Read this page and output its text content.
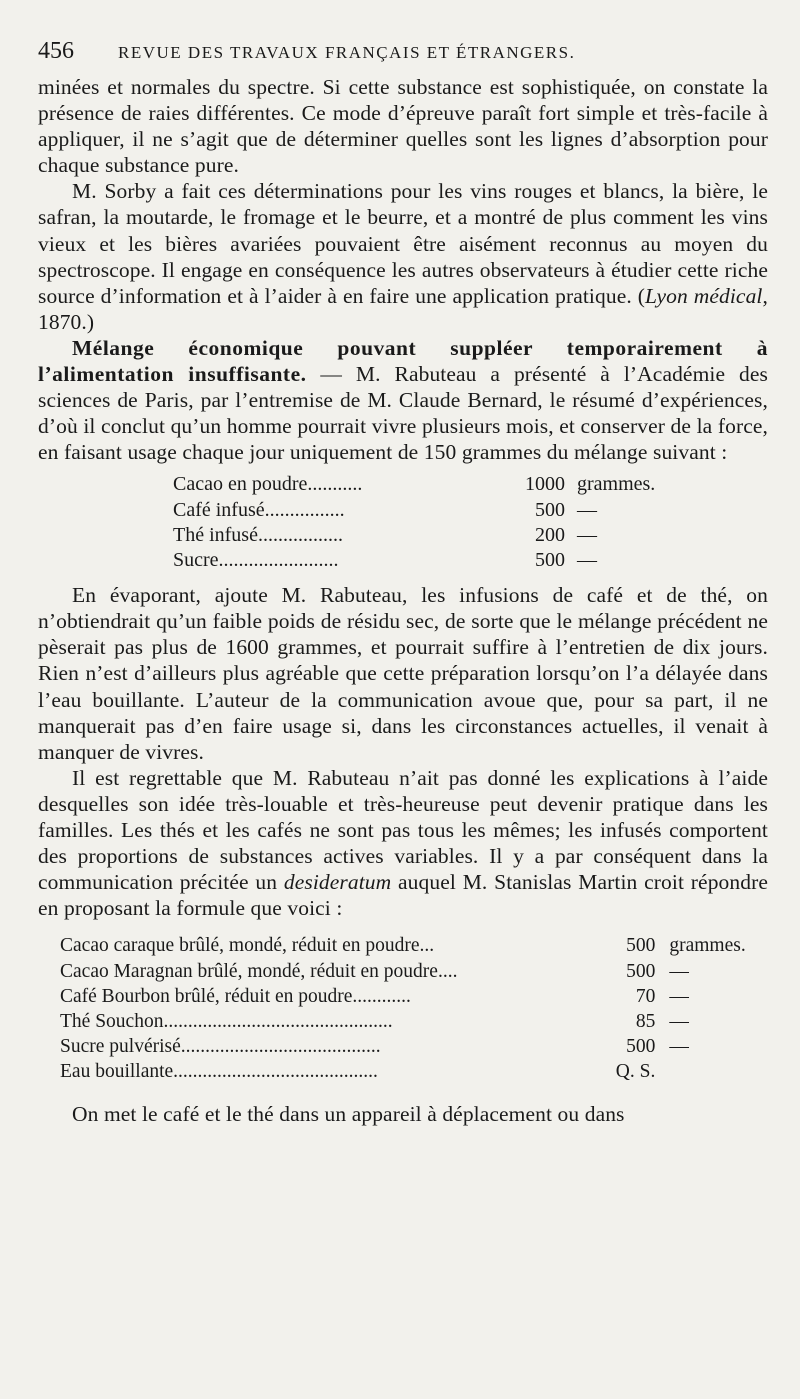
456	REVUE DES TRAVAUX FRANÇAIS ET ÉTRANGERS.

minées et normales du spectre. Si cette substance est sophistiquée, on constate la présence de raies différentes. Ce mode d’épreuve paraît fort simple et très-facile à appliquer, il ne s’agit que de déterminer quelles sont les lignes d’absorption pour chaque substance pure.

M. Sorby a fait ces déterminations pour les vins rouges et blancs, la bière, le safran, la moutarde, le fromage et le beurre, et a montré de plus comment les vins vieux et les bières avariées pouvaient être aisément reconnus au moyen du spectroscope. Il engage en conséquence les autres observateurs à étudier cette riche source d’information et à l’aider à en faire une application pratique. (Lyon médical, 1870.)

Mélange économique pouvant suppléer temporairement à l’alimentation insuffisante. — M. Rabuteau a présenté à l’Académie des sciences de Paris, par l’entremise de M. Claude Bernard, le résumé d’expériences, d’où il conclut qu’un homme pourrait vivre plusieurs mois, et conserver de la force, en faisant usage chaque jour uniquement de 150 grammes du mélange suivant :

Cacao en poudre...........	1000	grammes.
Café infusé................	500	—
Thé infusé.................	200	—
Sucre........................	500	—

En évaporant, ajoute M. Rabuteau, les infusions de café et de thé, on n’obtiendrait qu’un faible poids de résidu sec, de sorte que le mélange précédent ne pèserait pas plus de 1600 grammes, et pourrait suffire à l’entretien de dix jours. Rien n’est d’ailleurs plus agréable que cette préparation lorsqu’on l’a délayée dans l’eau bouillante. L’auteur de la communication avoue que, pour sa part, il ne manquerait pas d’en faire usage si, dans les circonstances actuelles, il venait à manquer de vivres.

Il est regrettable que M. Rabuteau n’ait pas donné les explications à l’aide desquelles son idée très-louable et très-heureuse peut devenir pratique dans les familles. Les thés et les cafés ne sont pas tous les mêmes; les infusés comportent des proportions de substances actives variables. Il y a par conséquent dans la communication précitée un desideratum auquel M. Stanislas Martin croit répondre en proposant la formule que voici :

Cacao caraque brûlé, mondé, réduit en poudre...	500	grammes.
Cacao Maragnan brûlé, mondé, réduit en poudre....	500	—
Café Bourbon brûlé, réduit en poudre............	70	—
Thé Souchon...............................................	85	—
Sucre pulvérisé.........................................	500	—
Eau bouillante..........................................	Q. S.	

On met le café et le thé dans un appareil à déplacement ou dans
